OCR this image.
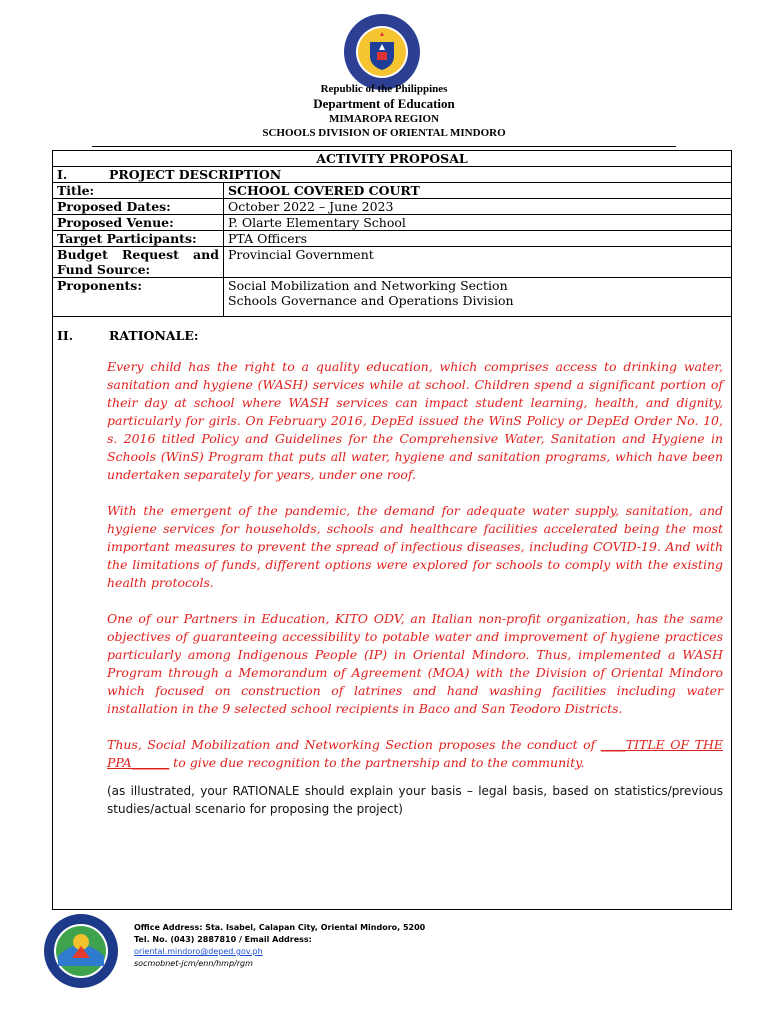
Republic of the Philippines
Department of Education
MIMAROPA REGION
SCHOOLS DIVISION OF ORIENTAL MINDORO
ACTIVITY PROPOSAL	
I. PROJECT DESCRIPTION	
Title:	SCHOOL COVERED COURT
Proposed Dates:	October 2022 – June 2023
Proposed Venue:	P. Olarte Elementary School
Target Participants:	PTA Officers
Budget Request and Fund Source:	Provincial Government
Proponents:	Social Mobilization and Networking Section
Schools Governance and Operations Division
II.	RATIONALE:

Every child has the right to a quality education, which comprises access to drinking water, sanitation and hygiene (WASH) services while at school. Children spend a significant portion of their day at school where WASH services can impact student learning, health, and dignity, particularly for girls. On February 2016, DepEd issued the WinS Policy or DepEd Order No. 10, s. 2016 titled Policy and Guidelines for the Comprehensive Water, Sanitation and Hygiene in Schools (WinS) Program that puts all water, hygiene and sanitation programs, which have been undertaken separately for years, under one roof.

With the emergent of the pandemic, the demand for adequate water supply, sanitation, and hygiene services for households, schools and healthcare facilities accelerated being the most important measures to prevent the spread of infectious diseases, including COVID-19. And with the limitations of funds, different options were explored for schools to comply with the existing health protocols.

One of our Partners in Education, KITO ODV, an Italian non-profit organization, has the same objectives of guaranteeing accessibility to potable water and improvement of hygiene practices particularly among Indigenous People (IP) in Oriental Mindoro. Thus, implemented a WASH Program through a Memorandum of Agreement (MOA) with the Division of Oriental Mindoro which focused on construction of latrines and hand washing facilities including water installation in the 9 selected school recipients in Baco and San Teodoro Districts.

Thus, Social Mobilization and Networking Section proposes the conduct of ____TITLE OF THE PPA______ to give due recognition to the partnership and to the community.

(as illustrated, your RATIONALE should explain your basis – legal basis, based on statistics/previous studies/actual scenario for proposing the project)

Office Address: Sta. Isabel, Calapan City, Oriental Mindoro, 5200
Tel. No. (043) 2887810 / Email Address:
oriental.mindoro@deped.gov.ph
socmobnet-jcm/enn/hmp/rgm
